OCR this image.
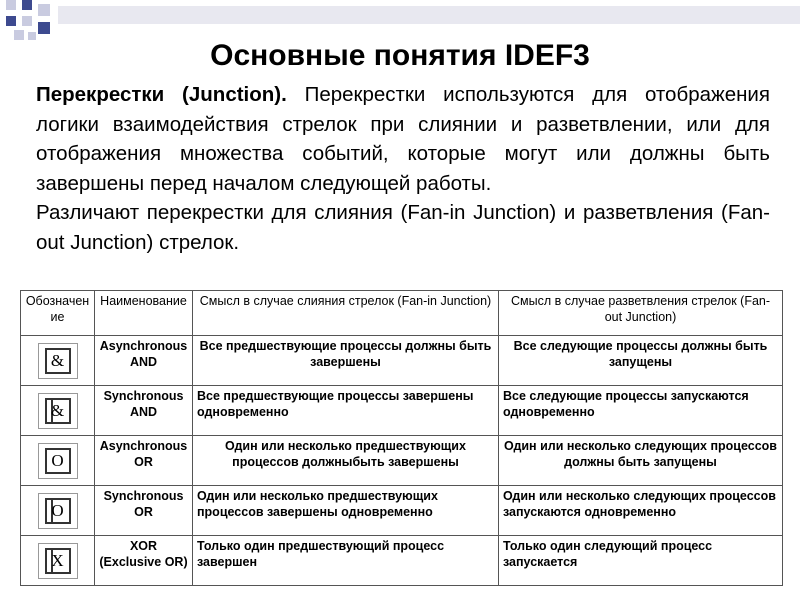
Основные понятия IDEF3

Перекрестки (Junction). Перекрестки используются для отображения логики взаимодействия стрелок при слиянии и разветвлении, или для отображения множества событий, которые могут или должны быть завершены перед началом следующей работы.

Различают перекрестки для слияния (Fan-in Junction) и разветвления (Fan-out Junction) стрелок.

Обозначение	Наименование	Смысл в случае слияния стрелок (Fan-in Junction)	Смысл в случае разветвления стрелок (Fan-out Junction)

&	Asynchronous AND	Все предшествующие процессы должны быть завершены	Все следующие процессы должны быть запущены

&	Synchronous AND	Все предшествующие процессы завершены одновременно	Все следующие процессы запускаются одновременно

O	Asynchronous OR	Один или несколько предшествующих процессов должныбыть завершены	Один или несколько следующих процессов должны быть запущены

O	Synchronous OR	Один или несколько предшествующих процессов завершены одновременно	Один или несколько следующих процессов запускаются одновременно

X	XOR (Exclusive OR)	Только один предшествующий процесс завершен	Только один следующий процесс запускается
